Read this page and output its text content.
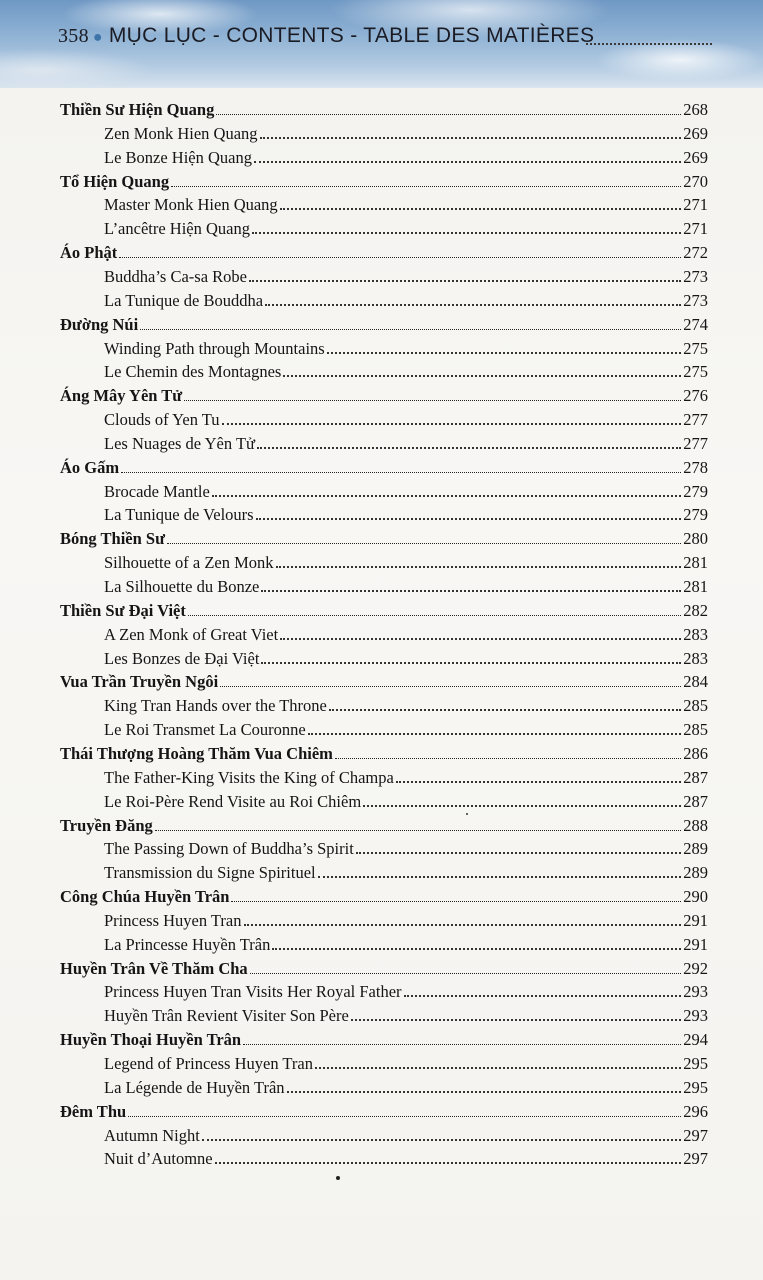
358 ● MỤC LỤC - CONTENTS - TABLE DES MATIÈRES
Thiền Sư Hiện Quang	268
Zen Monk Hien Quang	269
Le Bonze Hiện Quang	269
Tổ Hiện Quang	270
Master Monk Hien Quang	271
L’ancêtre Hiện Quang	271
Áo Phật	272
Buddha’s Ca-sa Robe	273
La Tunique de Bouddha	273
Đường Núi	274
Winding Path through Mountains	275
Le Chemin des Montagnes	275
Áng Mây Yên Tử	276
Clouds of Yen Tu	277
Les Nuages de Yên Tử	277
Áo Gấm	278
Brocade Mantle	279
La Tunique de Velours	279
Bóng Thiền Sư	280
Silhouette of a Zen Monk	281
La Silhouette du Bonze	281
Thiền Sư Đại Việt	282
A Zen Monk of Great Viet	283
Les Bonzes de Đại Việt	283
Vua Trần Truyền Ngôi	284
King Tran Hands over the Throne	285
Le Roi Transmet La Couronne	285
Thái Thượng Hoàng Thăm Vua Chiêm	286
The Father-King Visits the King of Champa	287
Le Roi-Père Rend Visite au Roi Chiêm	287
Truyền Đăng	288
The Passing Down of Buddha’s Spirit	289
Transmission du Signe Spirituel	289
Công Chúa Huyền Trân	290
Princess Huyen Tran	291
La Princesse Huyền Trân	291
Huyền Trân Về Thăm Cha	292
Princess Huyen Tran Visits Her Royal Father	293
Huyền Trân Revient Visiter Son Père	293
Huyền Thoại Huyền Trân	294
Legend of Princess Huyen Tran	295
La Légende de Huyền Trân	295
Đêm Thu	296
Autumn Night	297
Nuit d’Automne	297
